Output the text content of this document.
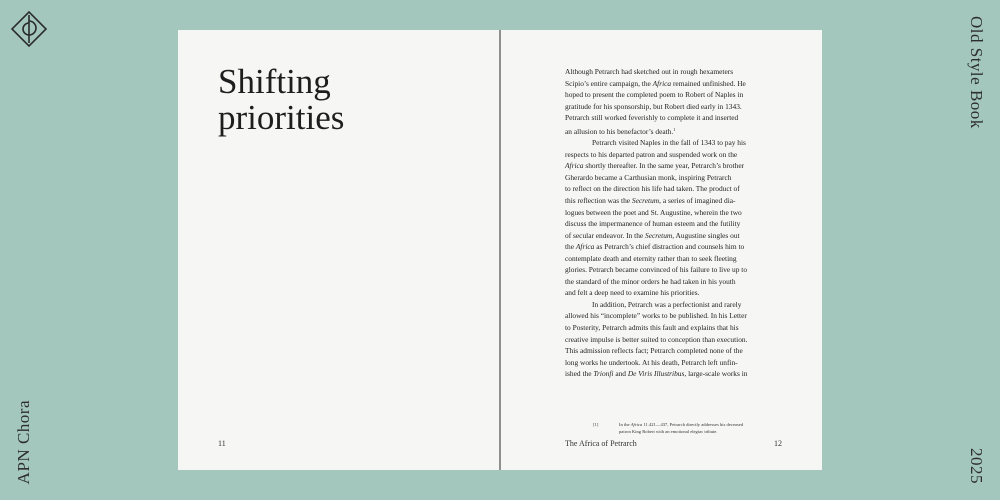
Old Style Book
2025
APN Chora
Shifting
priorities
11
Although Petrarch had sketched out in rough hexameters
Scipio’s entire campaign, the Africa remained unfinished. He
hoped to present the completed poem to Robert of Naples in
gratitude for his sponsorship, but Robert died early in 1343.
Petrarch still worked feverishly to complete it and inserted
an allusion to his benefactor’s death.$^1$
Petrarch visited Naples in the fall of 1343 to pay his
respects to his departed patron and suspended work on the
Africa shortly thereafter. In the same year, Petrarch’s brother
Gherardo became a Carthusian monk, inspiring Petrarch
to reflect on the direction his life had taken. The product of
this reflection was the Secretum, a series of imagined dia-
logues between the poet and St. Augustine, wherein the two
discuss the impermanence of human esteem and the futility
of secular endeavor. In the Secretum, Augustine singles out
the Africa as Petrarch’s chief distraction and counsels him to
contemplate death and eternity rather than to seek fleeting
glories. Petrarch became convinced of his failure to live up to
the standard of the minor orders he had taken in his youth
and felt a deep need to examine his priorities.
In addition, Petrarch was a perfectionist and rarely
allowed his “incomplete” works to be published. In his Letter
to Posterity, Petrarch admits this fault and explains that his
creative impulse is better suited to conception than execution.
This admission reflects fact; Petrarch completed none of the
long works he undertook. At his death, Petrarch left unfin-
ished the Trionfi and De Viris Illustribus, large-scale works in
[1]	In the Africa 11.421—437, Petrarch directly addresses his deceased
patron King Robert with an emotional elegiac tribute.
The Africa of Petrarch	12
